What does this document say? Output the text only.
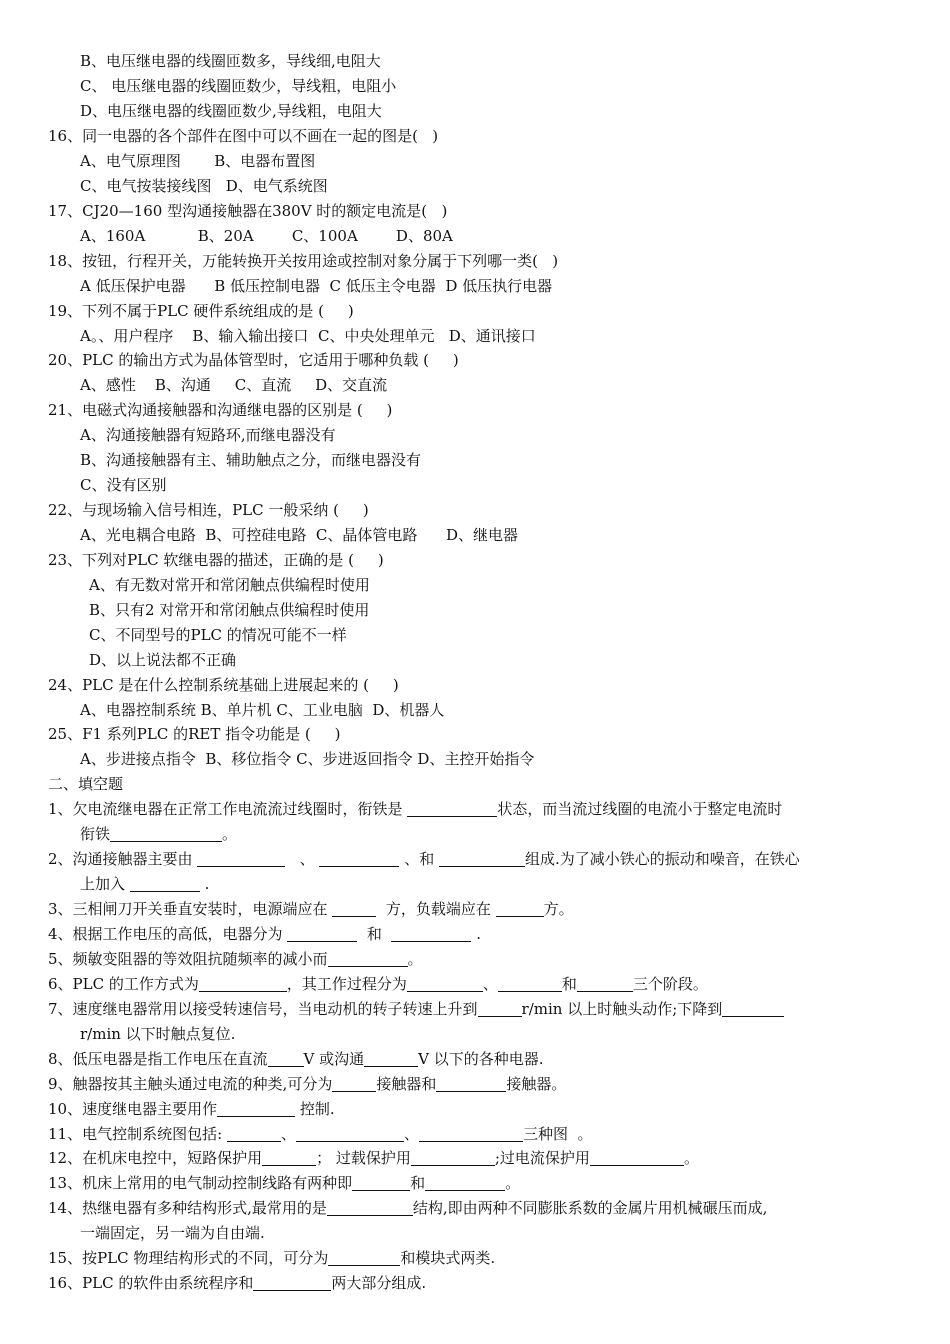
B、电压继电器的线圈匝数多，导线细,电阻大
C、 电压继电器的线圈匝数少，导线粗，电阻小
D、电压继电器的线圈匝数少,导线粗，电阻大
16、同一电器的各个部件在图中可以不画在一起的图是(   )
A、电气原理图       B、电器布置图
C、电气按装接线图   D、电气系统图
17、CJ20—160 型沟通接触器在380V 时的额定电流是(   )
A、160A           B、20A        C、100A        D、80A
18、按钮，行程开关，万能转换开关按用途或控制对象分属于下列哪一类(   )
A 低压保护电器      B 低压控制电器  C 低压主令电器  D 低压执行电器
19、下列不属于PLC 硬件系统组成的是 (     )
A。、用户程序    B、输入输出接口  C、中央处理单元   D、通讯接口
20、PLC 的输出方式为晶体管型时，它适用于哪种负载 (     )
A、感性    B、沟通     C、直流     D、交直流
21、电磁式沟通接触器和沟通继电器的区别是 (     )
A、沟通接触器有短路环,而继电器没有
B、沟通接触器有主、辅助触点之分，而继电器没有
C、没有区别
22、与现场输入信号相连，PLC 一般采纳 (     )
A、光电耦合电路  B、可控硅电路  C、晶体管电路      D、继电器
23、下列对PLC 软继电器的描述，正确的是 (     )
A、有无数对常开和常闭触点供编程时使用
B、只有2 对常开和常闭触点供编程时使用
C、不同型号的PLC 的情况可能不一样
D、以上说法都不正确
24、PLC 是在什么控制系统基础上进展起来的 (     )
A、电器控制系统 B、单片机 C、工业电脑  D、机器人
25、F1 系列PLC 的RET 指令功能是 (     )
A、步进接点指令  B、移位指令 C、步进返回指令 D、主控开始指令
二、填空题
1、欠电流继电器在正常工作电流流过线圈时，衔铁是	状态，而当流过线圈的电流小于整定电流时
衔铁	。
2、沟通接触器主要由	、	、和	组成.为了减小铁心的振动和噪音，在铁心
上加入	.
3、三相闸刀开关垂直安装时，电源端应在	方，负载端应在	方。
4、根据工作电压的高低，电器分为	和	.
5、频敏变阻器的等效阻抗随频率的减小而	。
6、PLC 的工作方式为	，其工作过程分为	、	和	三个阶段。
7、速度继电器常用以接受转速信号，当电动机的转子转速上升到	r/min 以上时触头动作;下降到
r/min 以下时触点复位.
8、低压电器是指工作电压在直流 V 或沟通	V 以下的各种电器.
9、触器按其主触头通过电流的种类,可分为	接触器和	接触器。
10、速度继电器主要用作	控制.
11、电气控制系统图包括:	、	、	三种图  。
12、在机床电控中，短路保护用	； 过载保护用	;过电流保护用	。
13、机床上常用的电气制动控制线路有两种即	和	。
14、热继电器有多种结构形式,最常用的是	结构,即由两种不同膨胀系数的金属片用机械碾压而成,
一端固定，另一端为自由端.
15、按PLC 物理结构形式的不同，可分为	和模块式两类.
16、PLC 的软件由系统程序和	两大部分组成.
